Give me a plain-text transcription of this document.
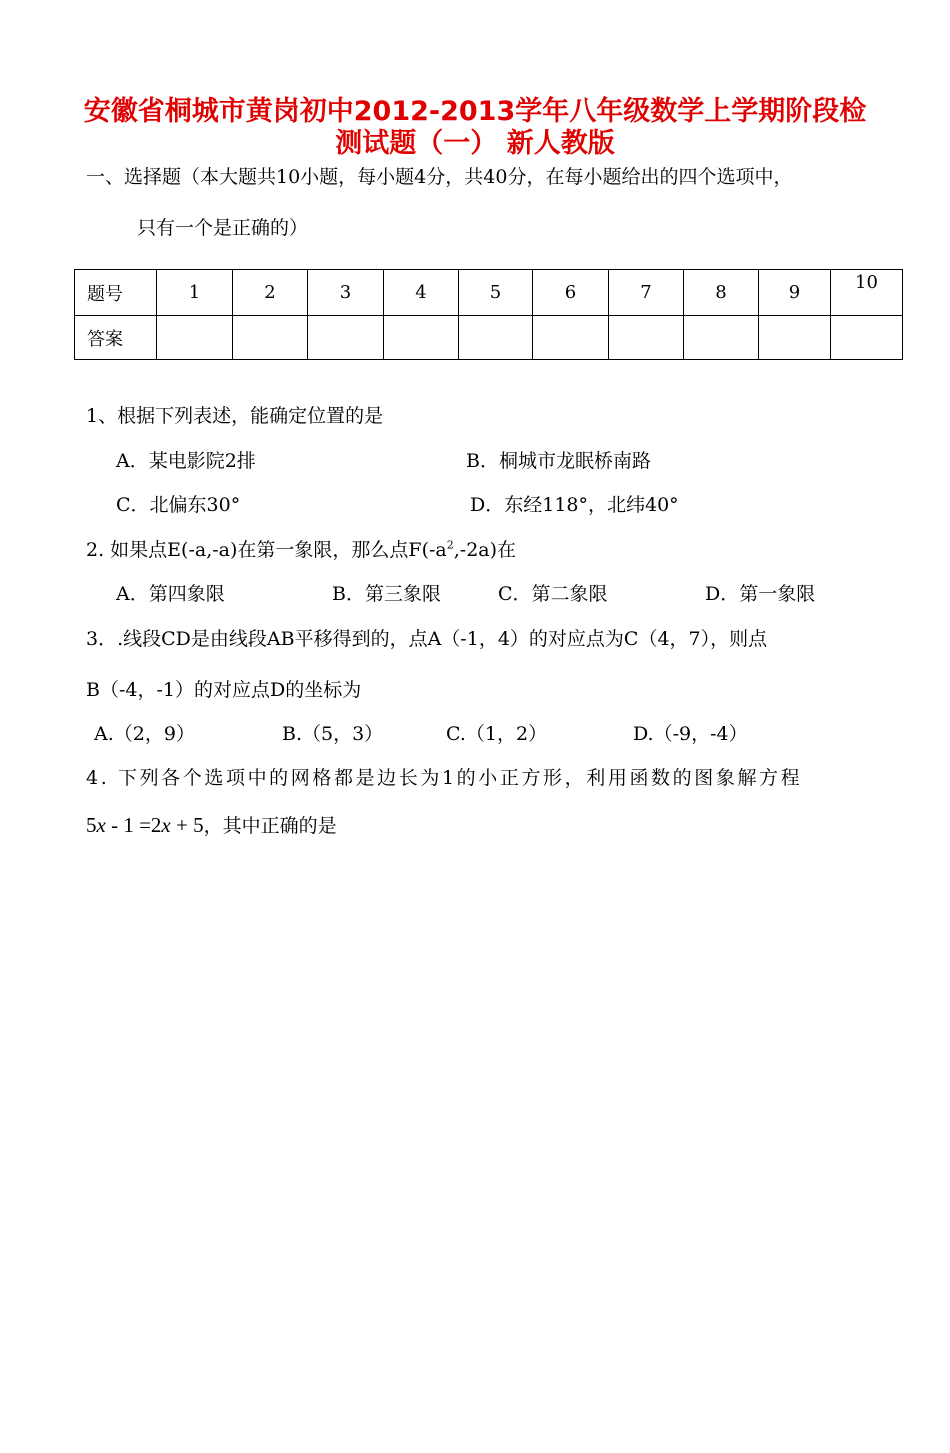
安徽省桐城市黄岗初中2012-2013学年八年级数学上学期阶段检
测试题（一） 新人教版
一、选择题（本大题共10小题，每小题4分，共40分，在每小题给出的四个选项中，
只有一个是正确的）
题号	1	2	3	4	5	6	7	8	9	10
答案										
1、根据下列表述，能确定位置的是
A．某电影院2排	B．桐城市龙眠桥南路
C．北偏东30°	D．东经118°，北纬40°
2. 如果点E(-a,-a)在第一象限，那么点$F(-a^2,-2a)$在
A．第四象限	B．第三象限	C．第二象限	D．第一象限
3．.线段CD是由线段AB平移得到的，点A（-1，4）的对应点为C（4，7），则点
B（-4，-1）的对应点D的坐标为
A.（2，9）	B.（5，3）	C.（1，2）	D.（-9，-4）
4. 下列各个选项中的网格都是边长为1的小正方形，利用函数的图象解方程
5x - 1 =2x + 5，其中正确的是
